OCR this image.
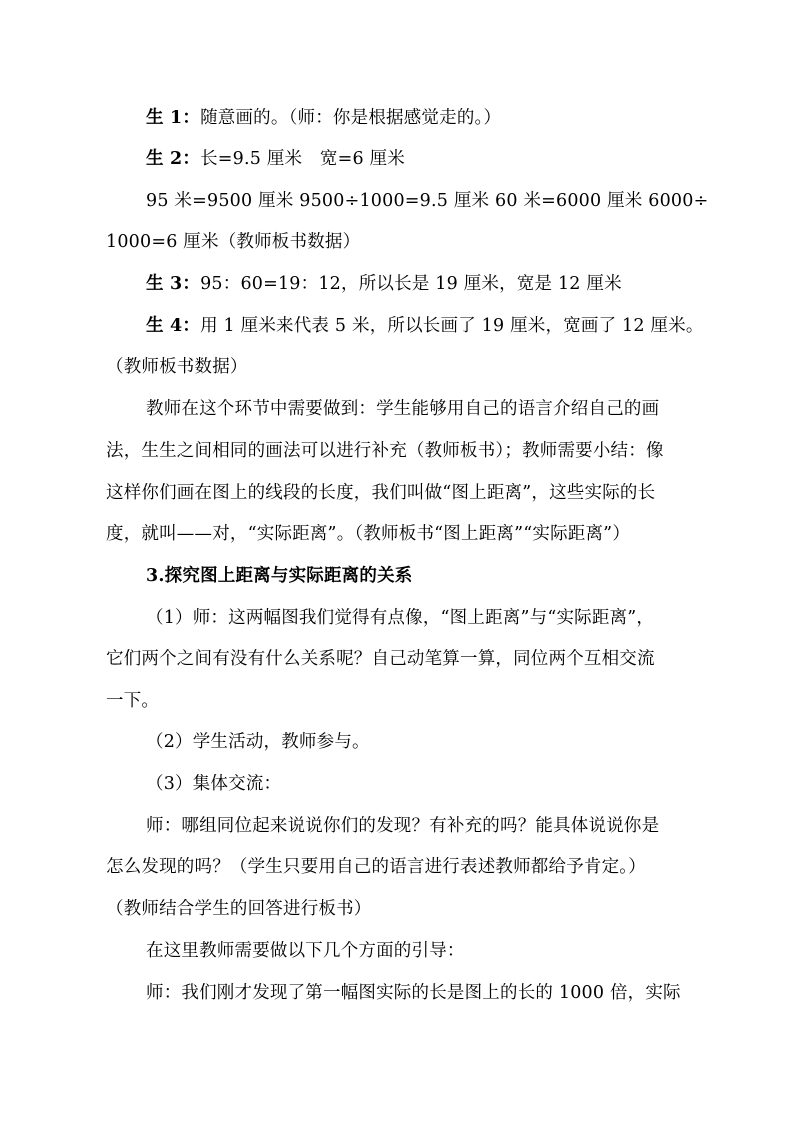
生 1：随意画的。（师：你是根据感觉走的。）
生 2：长=9.5 厘米　宽=6 厘米
95 米=9500 厘米 9500÷1000=9.5 厘米 60 米=6000 厘米 6000÷
1000=6 厘米（教师板书数据）
生 3：95：60=19：12，所以长是 19 厘米，宽是 12 厘米
生 4：用 1 厘米来代表 5 米，所以长画了 19 厘米，宽画了 12 厘米。
（教师板书数据）
教师在这个环节中需要做到：学生能够用自己的语言介绍自己的画
法，生生之间相同的画法可以进行补充（教师板书）；教师需要小结：像
这样你们画在图上的线段的长度，我们叫做“图上距离”，这些实际的长
度，就叫——对，“实际距离”。（教师板书“图上距离”“实际距离”）
3.探究图上距离与实际距离的关系
（1）师：这两幅图我们觉得有点像，“图上距离”与“实际距离”，
它们两个之间有没有什么关系呢？自己动笔算一算，同位两个互相交流
一下。
（2）学生活动，教师参与。
（3）集体交流：
师：哪组同位起来说说你们的发现？有补充的吗？能具体说说你是
怎么发现的吗？（学生只要用自己的语言进行表述教师都给予肯定。）
（教师结合学生的回答进行板书）
在这里教师需要做以下几个方面的引导：
师：我们刚才发现了第一幅图实际的长是图上的长的 1000 倍，实际
